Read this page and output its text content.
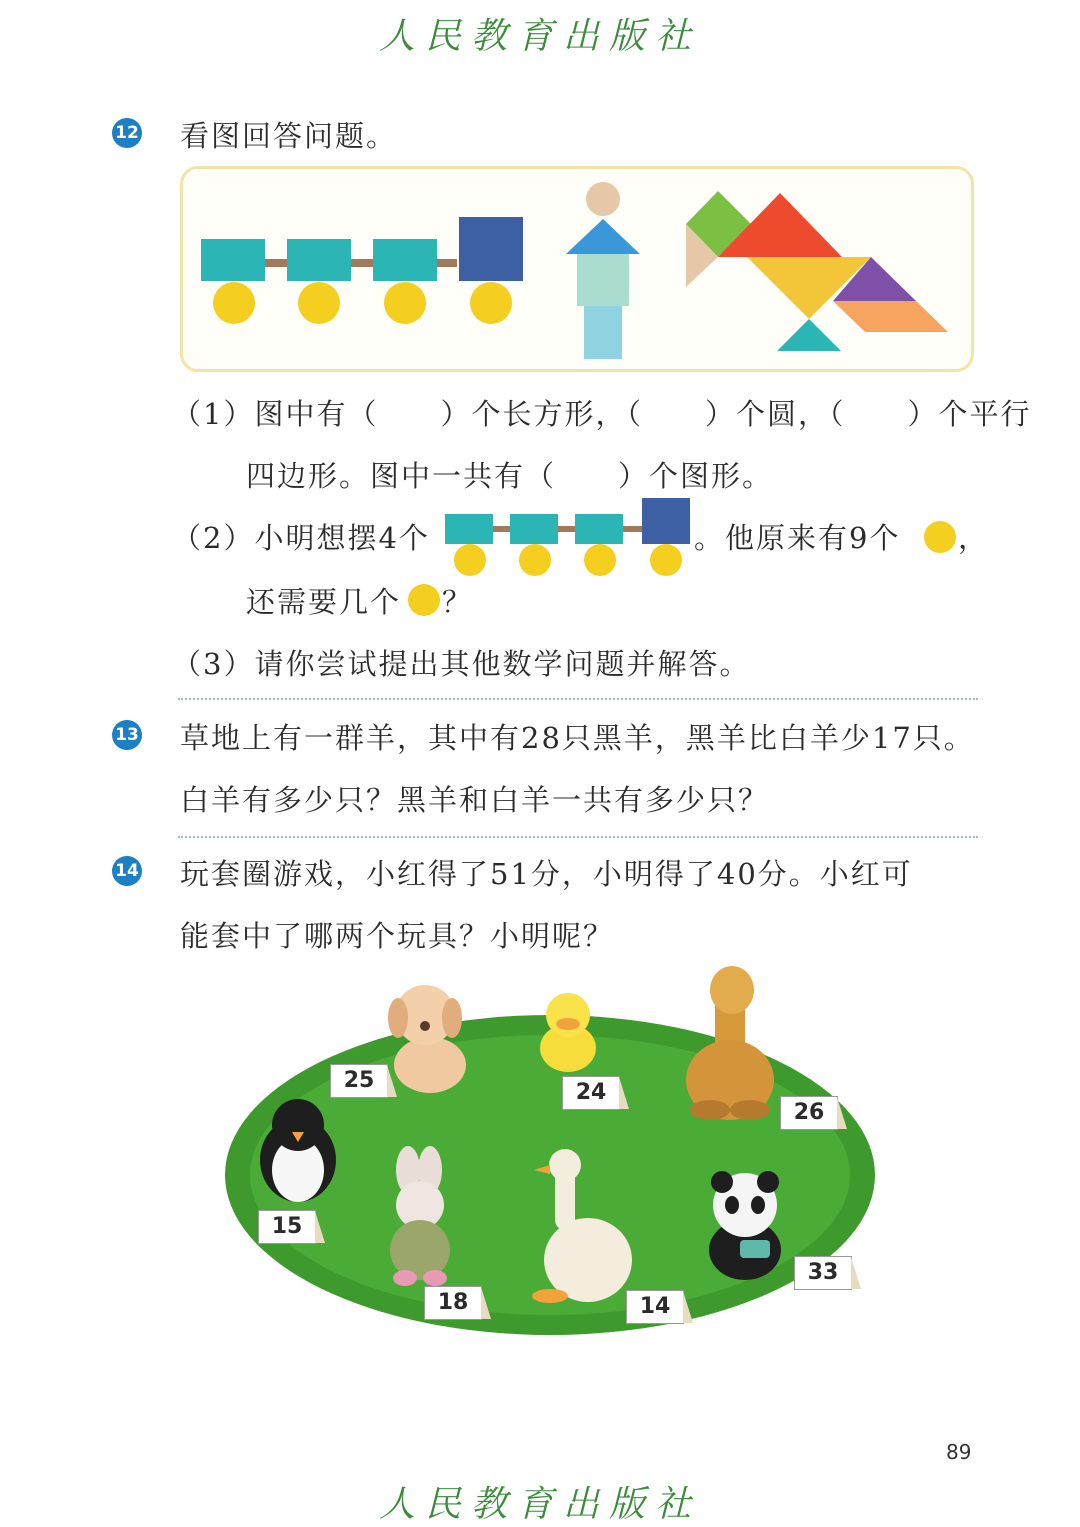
人民教育出版社
12 看图回答问题。
（1）图中有（　　）个长方形，（　　）个圆，（　　）个平行
四边形。图中一共有（　　）个图形。
（2）小明想摆4个	。他原来有9个 ，
还需要几个 ？
（3）请你尝试提出其他数学问题并解答。
13 草地上有一群羊，其中有28只黑羊，黑羊比白羊少17只。
白羊有多少只？黑羊和白羊一共有多少只？
14 玩套圈游戏，小红得了51分，小明得了40分。小红可
能套中了哪两个玩具？小明呢？
25	24
26
15
18	14
33
89
人民教育出版社
